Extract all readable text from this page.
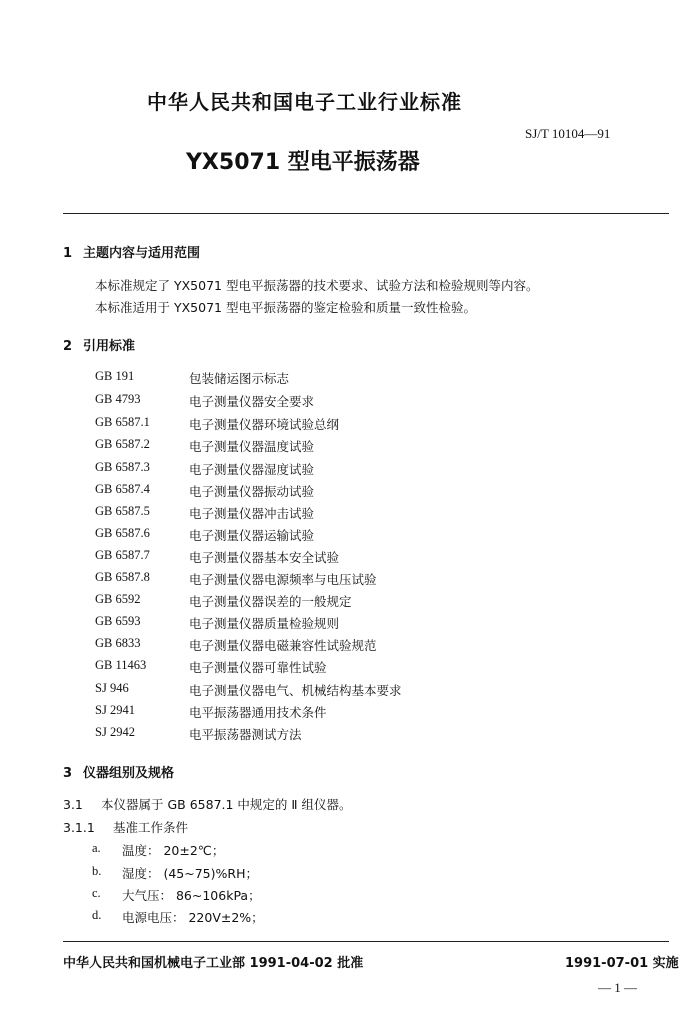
中华人民共和国电子工业行业标准
SJ/T 10104—91
YX5071 型电平振荡器
1 主题内容与适用范围
本标准规定了 YX5071 型电平振荡器的技术要求、试验方法和检验规则等内容。
本标准适用于 YX5071 型电平振荡器的鉴定检验和质量一致性检验。
2 引用标准
GB 191	包装储运图示标志
GB 4793	电子测量仪器安全要求
GB 6587.1	电子测量仪器环境试验总纲
GB 6587.2	电子测量仪器温度试验
GB 6587.3	电子测量仪器湿度试验
GB 6587.4	电子测量仪器振动试验
GB 6587.5	电子测量仪器冲击试验
GB 6587.6	电子测量仪器运输试验
GB 6587.7	电子测量仪器基本安全试验
GB 6587.8	电子测量仪器电源频率与电压试验
GB 6592	电子测量仪器误差的一般规定
GB 6593	电子测量仪器质量检验规则
GB 6833	电子测量仪器电磁兼容性试验规范
GB 11463	电子测量仪器可靠性试验
SJ 946	电子测量仪器电气、机械结构基本要求
SJ 2941	电平振荡器通用技术条件
SJ 2942	电平振荡器测试方法
3 仪器组别及规格
3.1 本仪器属于 GB 6587.1 中规定的 Ⅱ 组仪器。
3.1.1 基准工作条件
a. 温度： 20±2℃；
b. 湿度： (45~75)%RH；
c. 大气压： 86~106kPa；
d. 电源电压： 220V±2%；
中华人民共和国机械电子工业部 1991-04-02 批准	1991-07-01 实施
— 1 —
